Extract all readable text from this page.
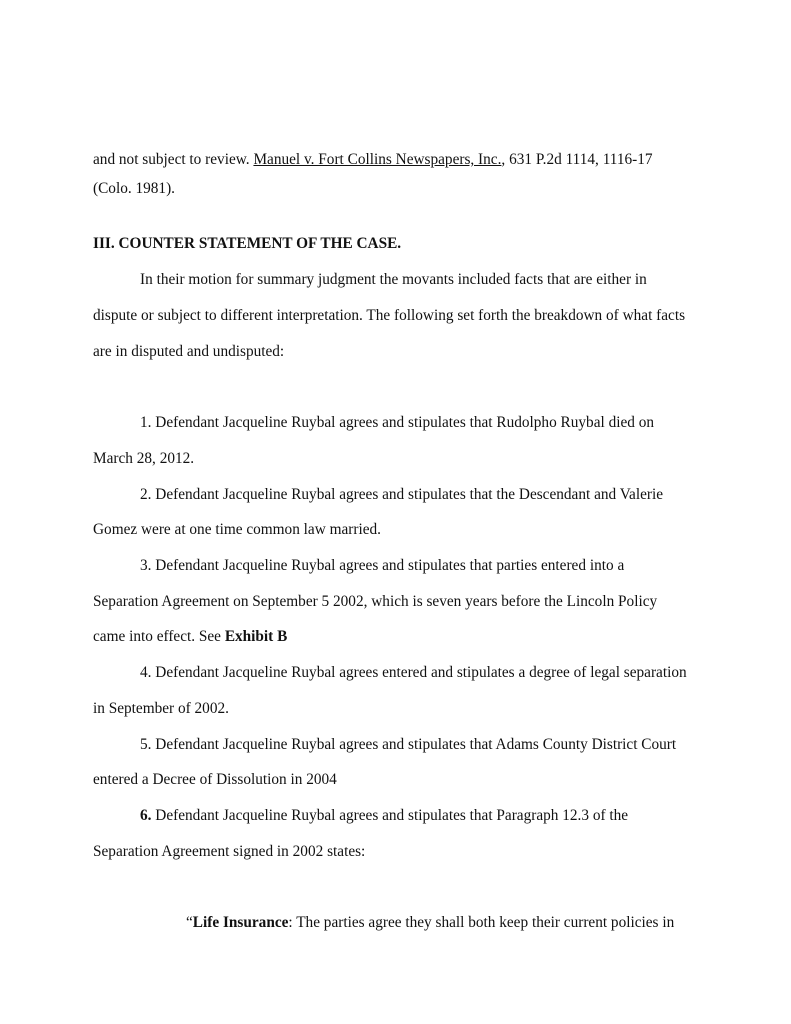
and not subject to review. Manuel v. Fort Collins Newspapers, Inc., 631 P.2d 1114, 1116-17
(Colo. 1981).
III. COUNTER STATEMENT OF THE CASE.
In their motion for summary judgment the movants included facts that are either in
dispute or subject to different interpretation. The following set forth the breakdown of what facts
are in disputed and undisputed:
1. Defendant Jacqueline Ruybal agrees and stipulates that Rudolpho Ruybal died on
March 28, 2012.
2. Defendant Jacqueline Ruybal agrees and stipulates that the Descendant and Valerie
Gomez were at one time common law married.
3. Defendant Jacqueline Ruybal agrees and stipulates that parties entered into a
Separation Agreement on September 5 2002, which is seven years before the Lincoln Policy
came into effect. See Exhibit B
4. Defendant Jacqueline Ruybal agrees entered and stipulates a degree of legal separation
in September of 2002.
5. Defendant Jacqueline Ruybal agrees and stipulates that Adams County District Court
entered a Decree of Dissolution in 2004
6. Defendant Jacqueline Ruybal agrees and stipulates that Paragraph 12.3 of the
Separation Agreement signed in 2002 states:
“Life Insurance: The parties agree they shall both keep their current policies in
